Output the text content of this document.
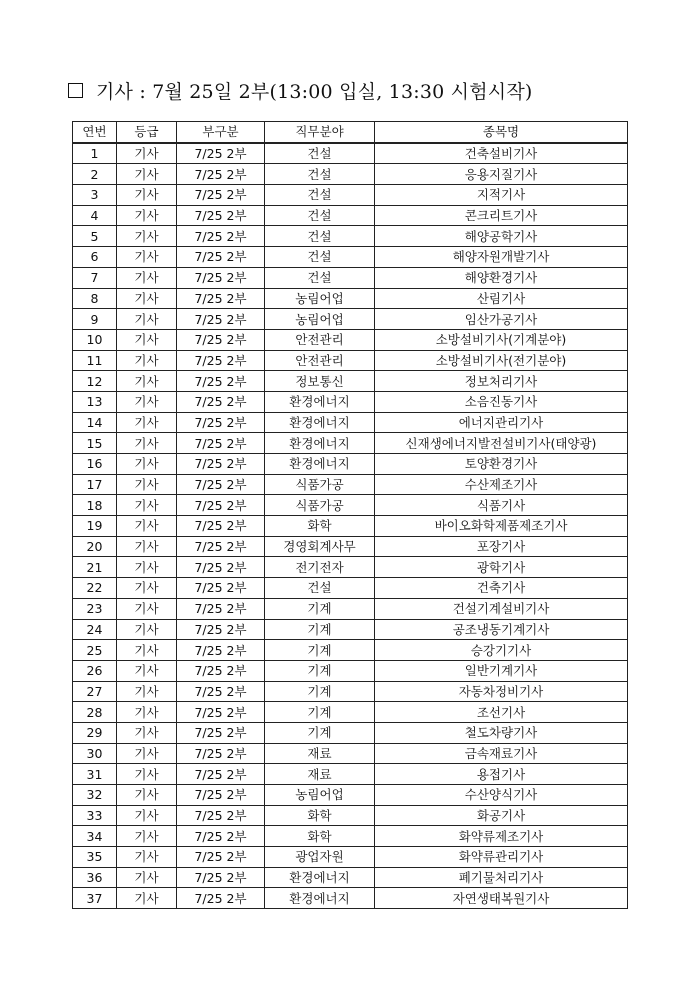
기사 : 7월 25일 2부(13:00 입실, 13:30 시험시작)
연번	등급	부구분	직무분야	종목명
1	기사	7/25 2부	건설	건축설비기사
2	기사	7/25 2부	건설	응용지질기사
3	기사	7/25 2부	건설	지적기사
4	기사	7/25 2부	건설	콘크리트기사
5	기사	7/25 2부	건설	해양공학기사
6	기사	7/25 2부	건설	해양자원개발기사
7	기사	7/25 2부	건설	해양환경기사
8	기사	7/25 2부	농림어업	산림기사
9	기사	7/25 2부	농림어업	임산가공기사
10	기사	7/25 2부	안전관리	소방설비기사(기계분야)
11	기사	7/25 2부	안전관리	소방설비기사(전기분야)
12	기사	7/25 2부	정보통신	정보처리기사
13	기사	7/25 2부	환경에너지	소음진동기사
14	기사	7/25 2부	환경에너지	에너지관리기사
15	기사	7/25 2부	환경에너지	신재생에너지발전설비기사(태양광)
16	기사	7/25 2부	환경에너지	토양환경기사
17	기사	7/25 2부	식품가공	수산제조기사
18	기사	7/25 2부	식품가공	식품기사
19	기사	7/25 2부	화학	바이오화학제품제조기사
20	기사	7/25 2부	경영회계사무	포장기사
21	기사	7/25 2부	전기전자	광학기사
22	기사	7/25 2부	건설	건축기사
23	기사	7/25 2부	기계	건설기계설비기사
24	기사	7/25 2부	기계	공조냉동기계기사
25	기사	7/25 2부	기계	승강기기사
26	기사	7/25 2부	기계	일반기계기사
27	기사	7/25 2부	기계	자동차정비기사
28	기사	7/25 2부	기계	조선기사
29	기사	7/25 2부	기계	철도차량기사
30	기사	7/25 2부	재료	금속재료기사
31	기사	7/25 2부	재료	용접기사
32	기사	7/25 2부	농림어업	수산양식기사
33	기사	7/25 2부	화학	화공기사
34	기사	7/25 2부	화학	화약류제조기사
35	기사	7/25 2부	광업자원	화약류관리기사
36	기사	7/25 2부	환경에너지	폐기물처리기사
37	기사	7/25 2부	환경에너지	자연생태복원기사
